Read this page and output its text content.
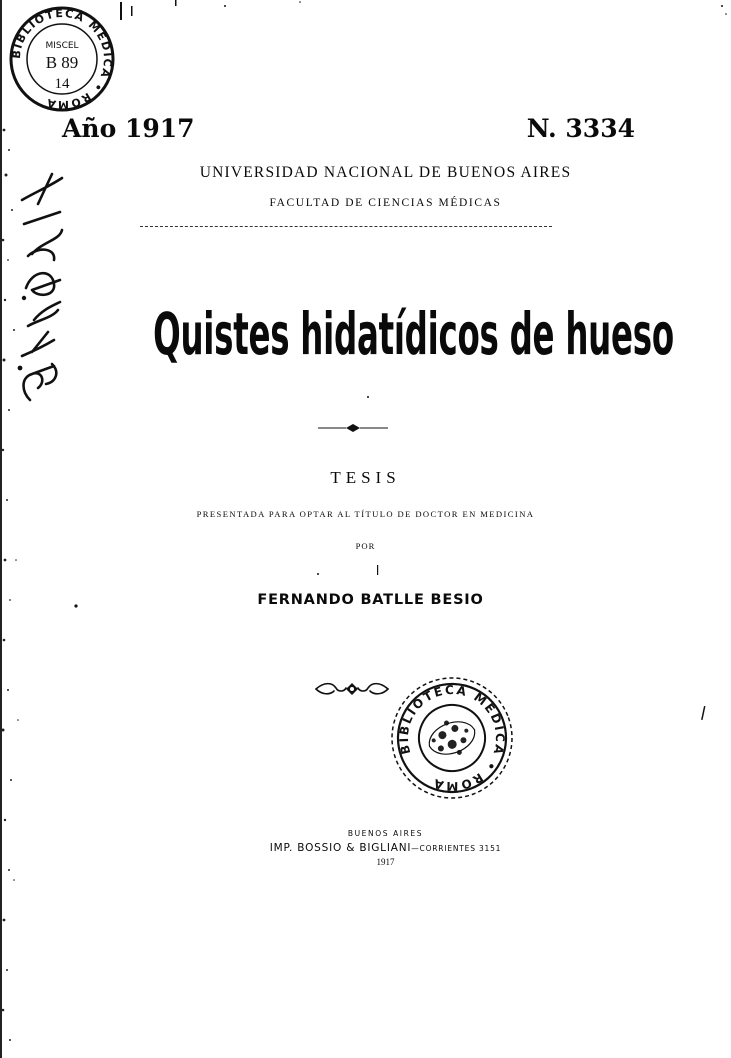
BIBLIOTECA MEDICA • ROMA
MISCEL
B 89
14
Año 1917	N. 3334
UNIVERSIDAD NACIONAL DE BUENOS AIRES
FACULTAD DE CIENCIAS MÉDICAS
Quistes hidatídicos de hueso
TESIS
PRESENTADA PARA OPTAR AL TÍTULO DE DOCTOR EN MEDICINA
POR
FERNANDO BATLLE BESIO
BIBLIOTECA MEDICA • ROMA
BUENOS AIRES
IMP. BOSSIO & BIGLIANI—CORRIENTES 3151
1917
